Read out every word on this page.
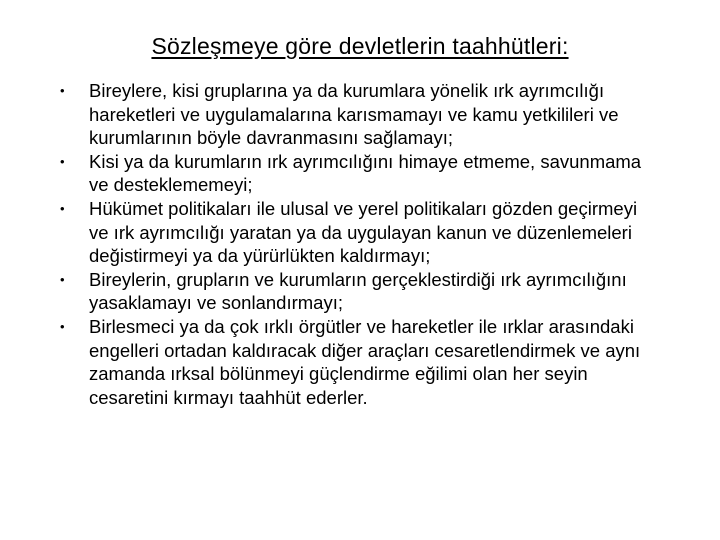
Sözleşmeye göre devletlerin taahhütleri:
•	Bireylere, kisi gruplarına ya da kurumlara yönelik ırk ayrımcılığı hareketleri ve uygulamalarına karısmamayı ve kamu yetkilileri ve kurumlarının böyle davranmasını sağlamayı;
•	Kisi ya da kurumların ırk ayrımcılığını himaye etmeme, savunmama ve desteklememeyi;
•	Hükümet politikaları ile ulusal ve yerel politikaları gözden geçirmeyi ve ırk ayrımcılığı yaratan ya da uygulayan kanun ve düzenlemeleri değistirmeyi ya da yürürlükten kaldırmayı;
•	Bireylerin, grupların ve kurumların gerçeklestirdiği ırk ayrımcılığını yasaklamayı ve sonlandırmayı;
•	Birlesmeci ya da çok ırklı örgütler ve hareketler ile ırklar arasındaki engelleri ortadan kaldıracak diğer araçları cesaretlendirmek ve aynı zamanda ırksal bölünmeyi güçlendirme eğilimi olan her seyin cesaretini kırmayı taahhüt ederler.
